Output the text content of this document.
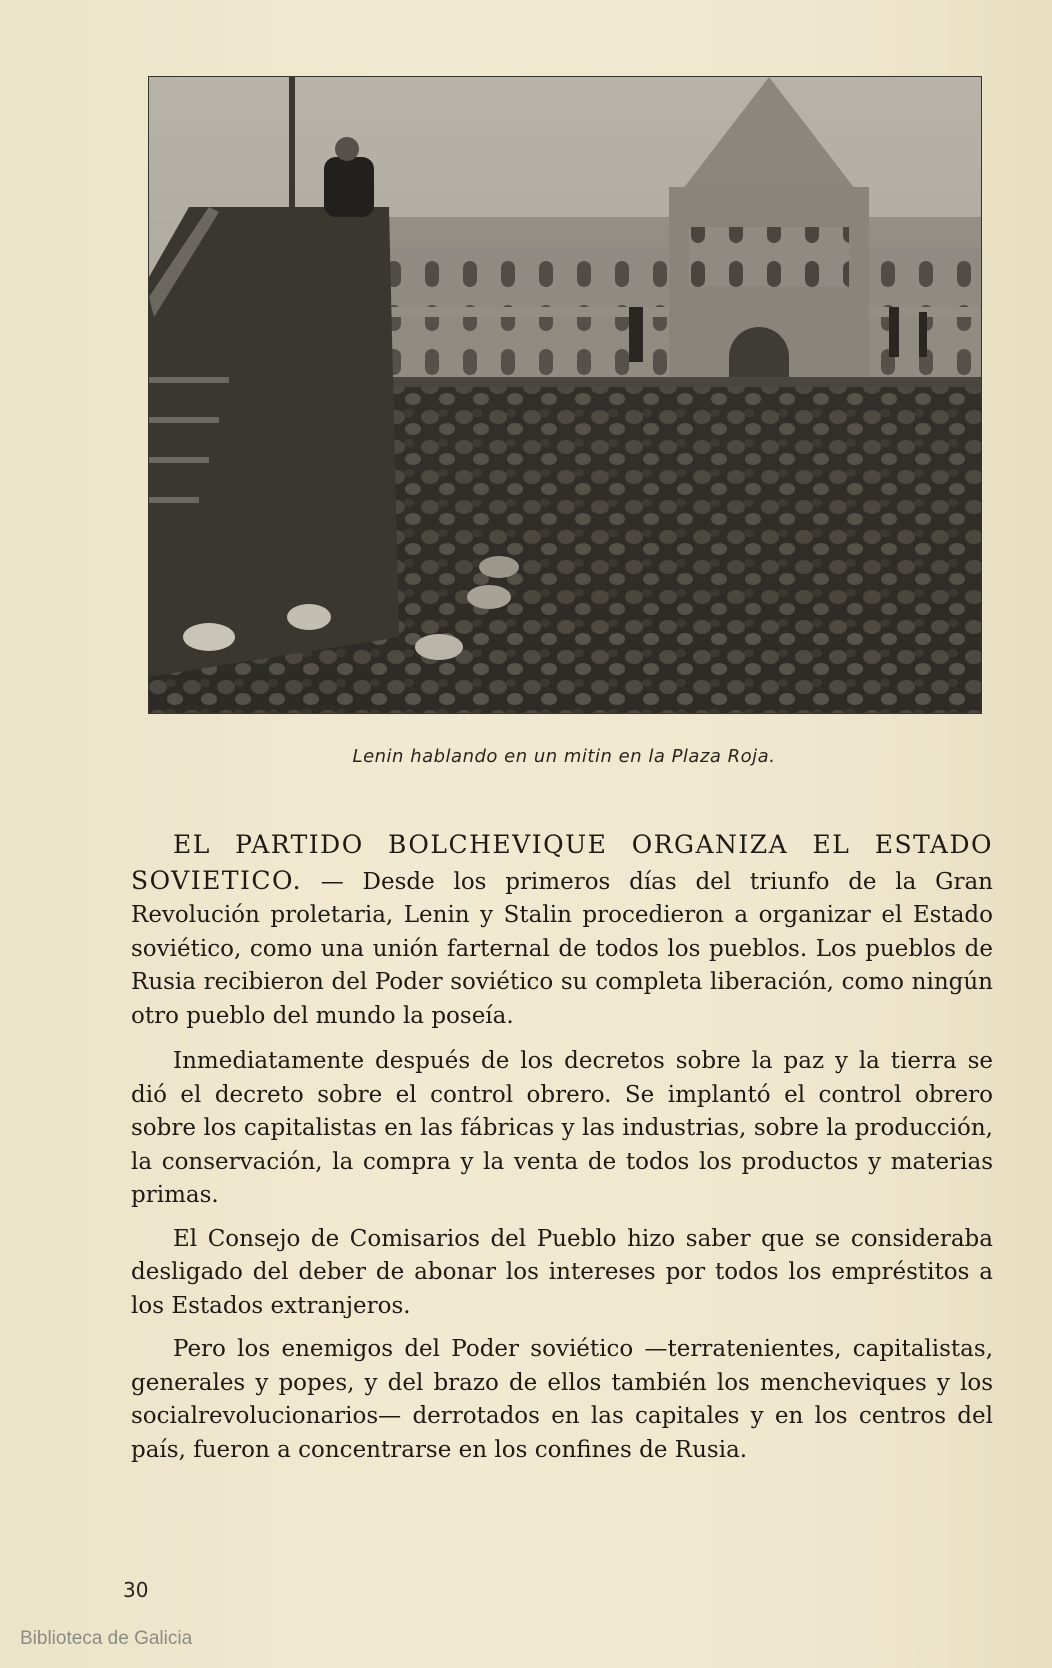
Lenin hablando en un mitin en la Plaza Roja.

EL PARTIDO BOLCHEVIQUE ORGANIZA EL ESTADO SOVIETICO. — Desde los primeros días del triunfo de la Gran Revolución proletaria, Lenin y Stalin procedieron a organizar el Estado soviético, como una unión farternal de todos los pueblos. Los pueblos de Rusia recibieron del Poder soviético su completa liberación, como ningún otro pueblo del mundo la poseía.

Inmediatamente después de los decretos sobre la paz y la tierra se dió el decreto sobre el control obrero. Se implantó el control obrero sobre los capitalistas en las fábricas y las industrias, sobre la producción, la conservación, la compra y la venta de todos los productos y materias primas.

El Consejo de Comisarios del Pueblo hizo saber que se consideraba desligado del deber de abonar los intereses por todos los empréstitos a los Estados extranjeros.

Pero los enemigos del Poder soviético —terratenientes, capitalistas, generales y popes, y del brazo de ellos también los mencheviques y los socialrevolucionarios— derrotados en las capitales y en los centros del país, fueron a concentrarse en los confines de Rusia.

30
Biblioteca de Galicia
